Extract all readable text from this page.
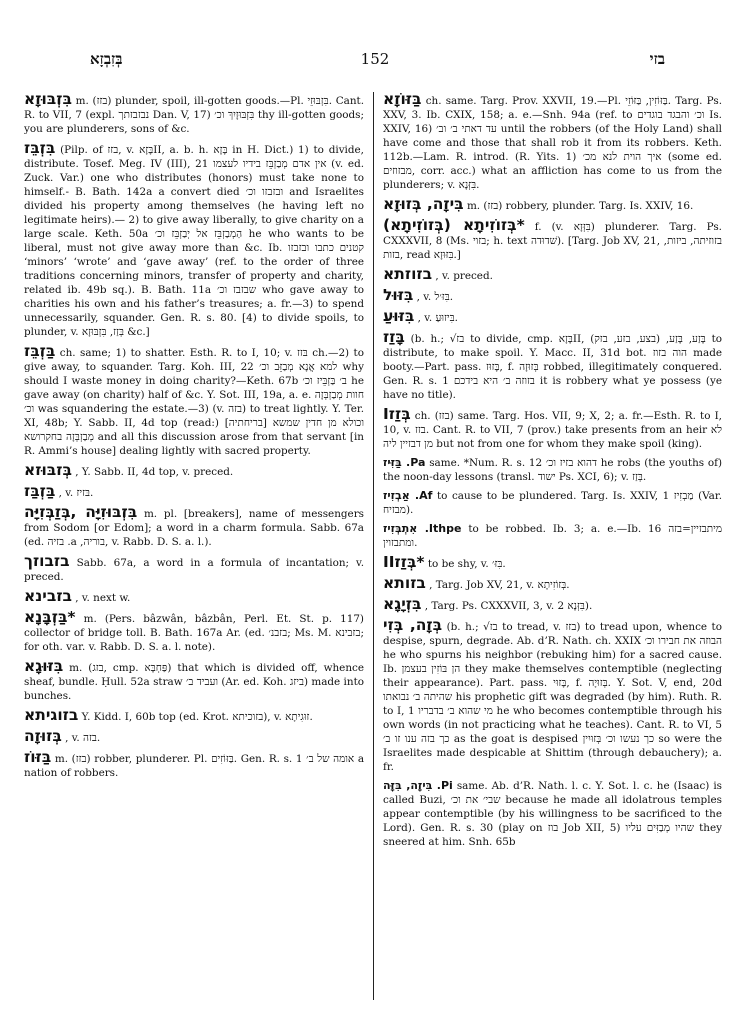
בְּזִבְזָא	152	בזי

בִּזְבּוּזָא m. (בזז) plunder, spoil, ill-gotten goods.—Pl. בִּזְבּוּזֵי. Cant. R. to VII, 7 (expl. נבזבזתך Dan. V, 17) בִּזְבּוּזָיִךְ וכ׳ thy ill-gotten goods; you are plunderers, sons of &c.

בִּזְבֵּז (Pilp. of בזז, v. בָּזָאII, a. b. h. בָּזָא in H. Dict.) 1) to divide, distribute. Tosef. Meg. IV (III), 21 אין אדם מְבַזְבֵּז בידיו לעצמו (v. ed. Zuck. Var.) one who distributes (honors) must take none to himself.- B. Bath. 142a a convert died ובזבזו וכ׳ and Israelites divided his property among themselves (he having left no legitimate heirs).— 2) to give away liberally, to give charity on a large scale. Keth. 50a הַמְבַזְבֵּז אל יְבַזְבֵּז וכ׳ he who wants to be liberal, must not give away more than &c. Ib. קטנים כתבו ובזבזו ‘minors’ ‘wrote’ and ‘gave away’ (ref. to the order of three traditions concerning minors, transfer of property and charity, related ib. 49b sq.). B. Bath. 11a שבזבז וכ׳ who gave away to charities his own and his father’s treasures; a. fr.—3) to spend unnecessarily, squander. Gen. R. s. 80. [4) to divide spoils, to plunder, v. בְּזַז, בִּזְבּוּזָא &c.]

בַּזְבֵּז ch. same; 1) to shatter. Esth. R. to I, 10; v. בּזז ch.—2) to give away, to squander. Targ. Koh. III, 22 למא אֲנָא מְבַזֵּב וכ׳ why should I waste money in doing charity?—Keth. 67b ב׳ בַּזְבֵּיז וכ׳ he gave away (on charity) half of &c. Y. Sot. III, 19a, a. e. חוות מְבַזְבְּזָה וכ׳ was squandering the estate.—3) (v. בזה) to treat lightly. Y. Ter. XI, 48b; Y. Sabb. II, 4d top (read:) [בריחתיה] וכולא מן חדין שמשא מְבַזְבְּזָה בחקרושא and all this discussion arose from that servant [in R. Ammi’s house] dealing lightly with sacred property.

בְּזבּוּזא , Y. Sabb. II, 4d top, v. preced.

בַּזְבַּז , v. בּזיז.

בִּזְבּוּזִיָּה ,בְּזַבְּזִיָּה m. pl. [breakers], name of messengers from Sodom [or Edom]; a word in a charm formula. Sabb. 67a (ed. בזיה .a ,בוריה, v. Rabb. D. S. a. l.).

בזבוזך Sabb. 67a, a word in a formula of incantation; v. preced.

בזבינא , v. next w.

*בַּזְבָּנָא m. (Pers. bâzwân, bâzbân, Perl. Et. St. p. 117) collector of bridge toll. B. Bath. 167a Ar. (ed. בזבנ׳; Ms. M. בזבינא; for oth. var. v. Rabb. D. S. a. l. note).

בִּזּוּגָא m. (בזג, cmp. פַּחְבָּא) that which is divided off, whence sheaf, bundle. Ḥull. 52a straw ועביד ב׳ (Ar. ed. Koh. ביזג) made into bunches.

בזוגיתא Y. Kidd. I, 60b top (ed. Krot. בזוכיתא), v. זוּגִיתָא.

בְּזוּזָה , v. בזה.

בַּזּוֹז m. (בזז) robber, plunderer. Pl. בַּזּוֹזִים. Gen. R. s. 1 אומה של ב׳ a nation of robbers.

בַּזּוֹזָא ch. same. Targ. Prov. XXVII, 19.—Pl. בַּזּוֹזִין, בַּזּוֹזֵי. Targ. Ps. XXV, 3. Ib. CXIX, 158; a. e.—Snh. 94a (ref. to וכ׳ והבגד בוגדים Is. XXIV, 16) עד דאתי ב׳ וב׳ until the robbers (of the Holy Land) shall have come and those that shall rob it from its robbers. Keth. 112b.—Lam. R. introd. (R. Yits. 1) איך הוית לנא מכ׳ (some ed. מבזוזים, corr. acc.) what an affliction has come to us from the plunderers; v. בִּזְּנָא.

בִּיזָה, בְּזוּזָא m. (בזז) robbery, plunder. Targ. Is. XXIV, 16.

*בְּזוֹזִיתָא (בְּזוֹזִיתָא) f. (v. בִּזְּזָא) plunderer. Targ. Ps. CXXXVII, 8 (Ms. בזוי; h. text שׁדוּדה). [Targ. Job XV, 21, בזוזיתה, ביזות, בזות, read בִּזּוּזָא.]

בזוזתא , v. preced.

בִּזּוּל , v. בִּזּ׳ל.

בִּזּוּעַ , v. בִּיזוּעַ.

בָּזַז (b. h.; √בז to divide, cmp. בָּזָאII, בָּזַע, בָּזַע, (בצע, בזע, בזק) to distribute, to make spoil. Y. Macc. II, 31d bot. הוה בזוז made booty.—Part. pass. בָּזוּז, f. בְּזוּזָה robbed, illegitimately conquered. Gen. R. s. 1 בזוזה ב׳ היא בידכם it is robbery what ye possess (ye have no title).

בְּזַזI ch. (בזז) same. Targ. Hos. VII, 9; X, 2; a. fr.—Esth. R. to I, 10, v. בזז. Cant. R. to VII, 7 (prov.) take presents from an heir לא מן דבזיין ליה but not from one for whom they make spoil (king).

Pa. בַּזִּיז same. *Num. R. s. 12 דהוא בזיז וכ׳ he robs (the youths of) the noon-day lessons (transl. ישוד Ps. XCI, 6); v. בְּזַז.

Af. אַבְזִיז to cause to be plundered. Targ. Is. XXIV, 1 מַבְזִיז (Var. מבזיח).

Ithpe. אִתְבְּזִיז to be robbed. Ib. 3; a. e.—Ib. 16 מיתבזיין=בזה ומתבזוין.

*בְּזַזII to be shy, v. בִּזּ׳.

בזותא , Targ. Job XV, 21, v. בְּזוֹזִיתָא.

בִּזְיָגָא , Targ. Ps. CXXXVII, 3, v. בִּזְּנָא 2).

בְּזָה, בְּזִי (b. h.; √בז to tread, v. בזז) to tread upon, whence to despise, spurn, degrade. Ab. d’R. Nath. ch. XXIX הבוזה את חבירו וכ׳ he who spurns his neighbor (rebuking him) for a sacred cause. Ib. הן בּוֹזִין בעצמן they make themselves contemptible (neglecting their appearance). Part. pass. בָּזוּי, f. בְּזוּיָה. Y. Sot. V, end, 20d שהיתה ב׳ נבואתו his prophetic gift was degraded (by him). Ruth. R. to I, 1 מי שהוא ב׳ בדבריו he who becomes contemptible through his own words (in not practicing what he teaches). Cant. R. to VI, 5 כך בזה ענו זו ב׳ as the goat is despised כך נעשו וכ׳ בְּזוּיִין so were the Israelites made despicable at Shittim (through debauchery); a. fr.

Pi. בִּיזָה, בִּזָּה same. Ab. d’R. Nath. l. c. Y. Sot. l. c. he (Isaac) is called Buzi, שבי׳ את וכ׳ because he made all idolatrous temples appear contemptible (by his willingness to be sacrificed to the Lord). Gen. R. s. 30 (play on בוז Job XII, 5) שהיו מְבַזִּים עליו they sneered at him. Snh. 65b
